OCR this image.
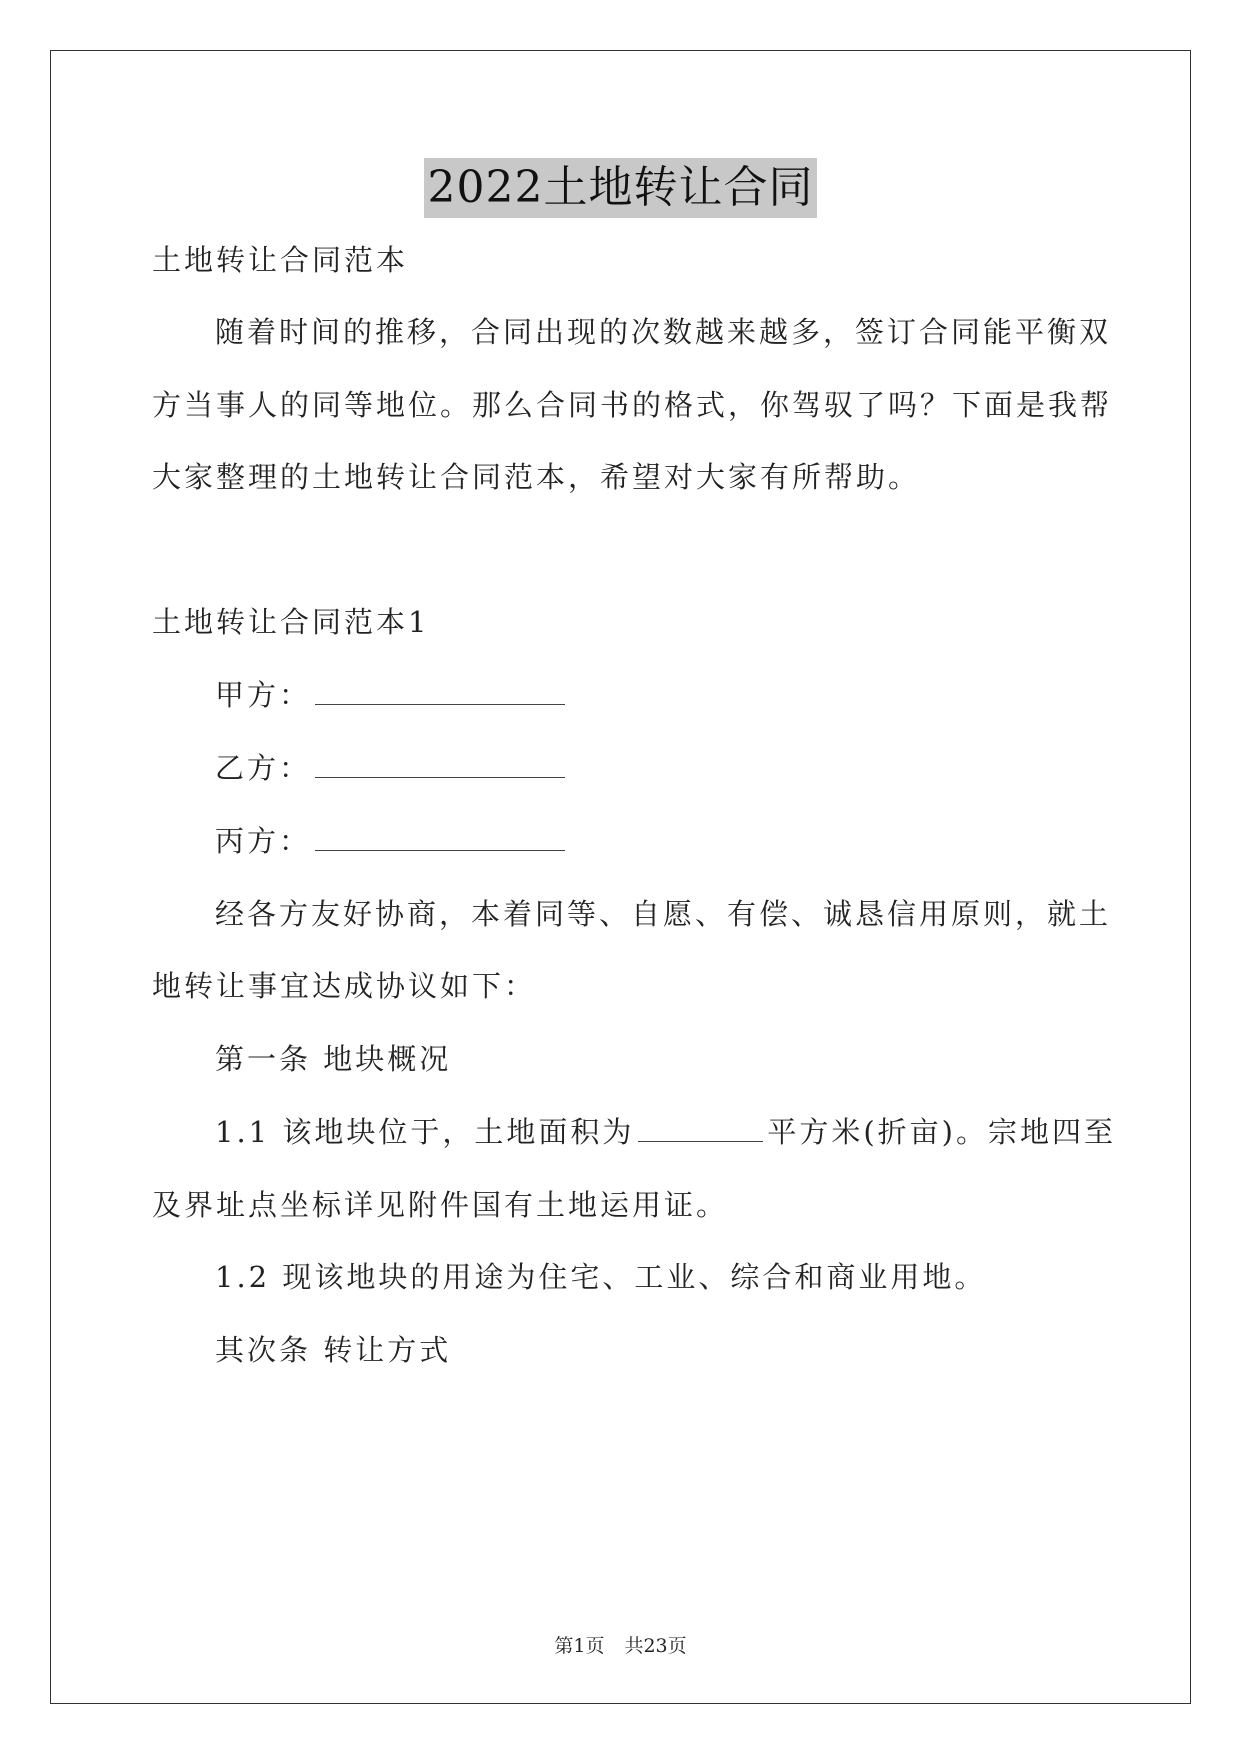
2022土地转让合同
土地转让合同范本
随着时间的推移，合同出现的次数越来越多，签订合同能平衡双
方当事人的同等地位。那么合同书的格式，你驾驭了吗？下面是我帮
大家整理的土地转让合同范本，希望对大家有所帮助。
土地转让合同范本1
甲方：
乙方：
丙方：
经各方友好协商，本着同等、自愿、有偿、诚恳信用原则，就土
地转让事宜达成协议如下：
第一条 地块概况
1.1 该地块位于，土地面积为	平方米(折亩)。宗地四至
及界址点坐标详见附件国有土地运用证。
1.2 现该地块的用途为住宅、工业、综合和商业用地。
其次条 转让方式
第1页 共23页
